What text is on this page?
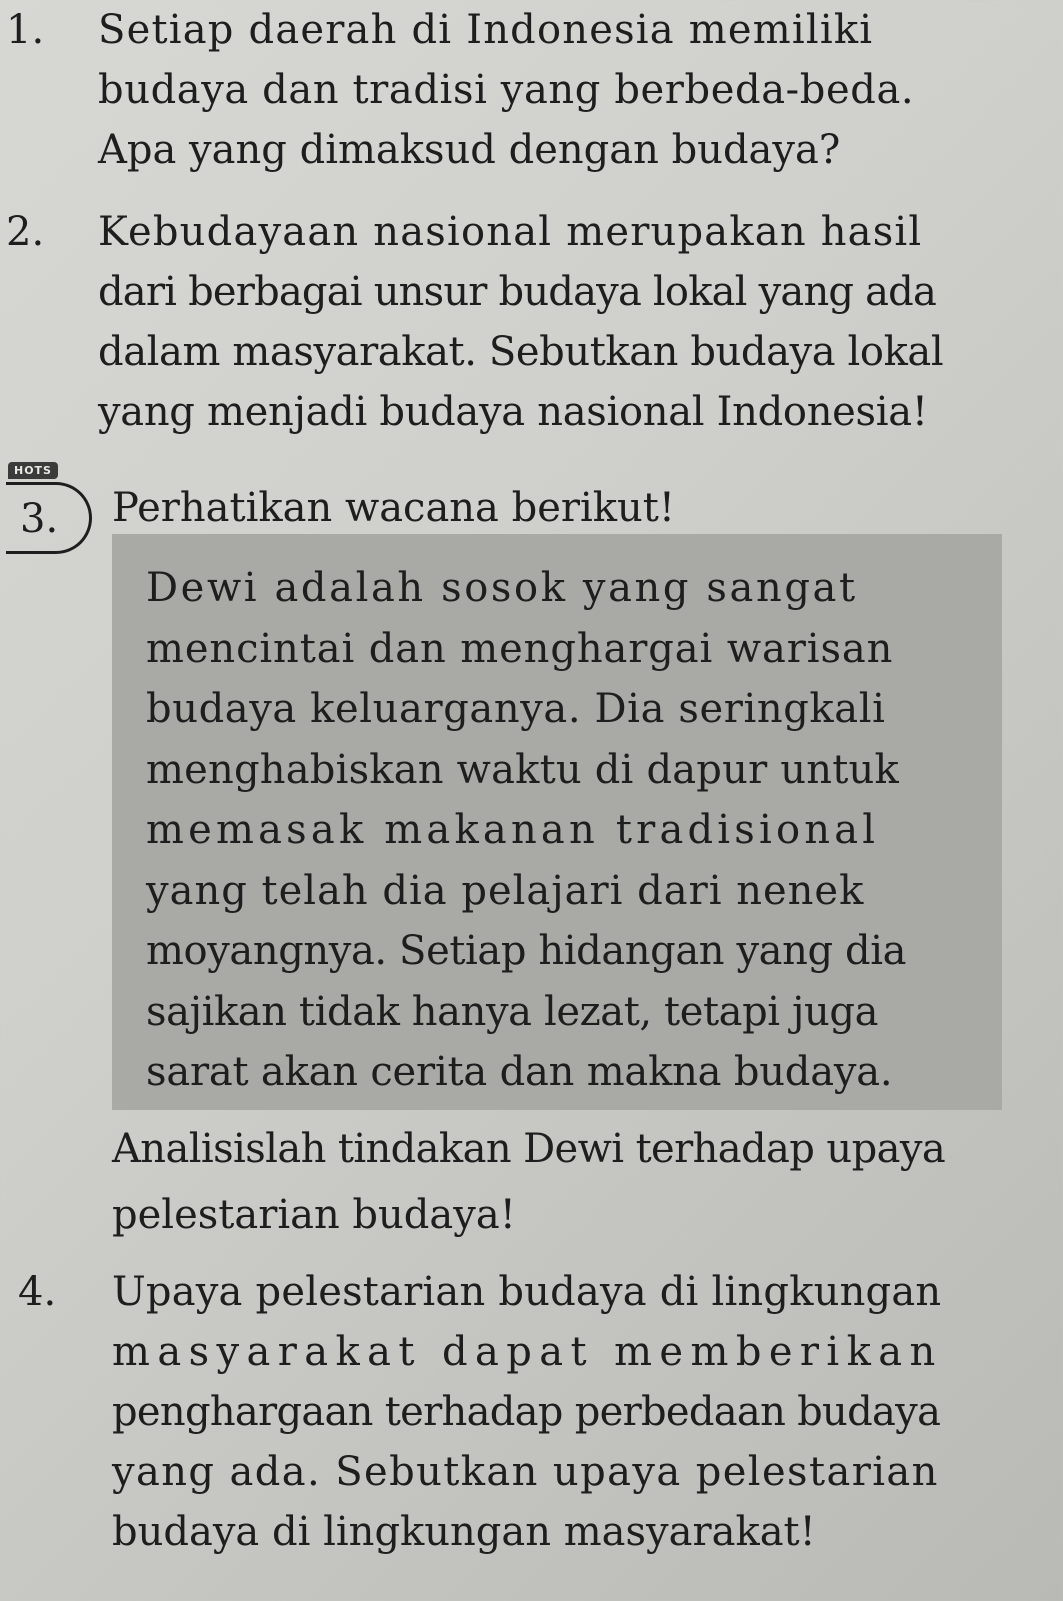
1. Setiap daerah di Indonesia memiliki
budaya dan tradisi yang berbeda-beda.
Apa yang dimaksud dengan budaya?
2. Kebudayaan nasional merupakan hasil
dari berbagai unsur budaya lokal yang ada
dalam masyarakat. Sebutkan budaya lokal
yang menjadi budaya nasional Indonesia!
HOTS
3. Perhatikan wacana berikut!
Dewi adalah sosok yang sangat
mencintai dan menghargai warisan
budaya keluarganya. Dia seringkali
menghabiskan waktu di dapur untuk
memasak makanan tradisional
yang telah dia pelajari dari nenek
moyangnya. Setiap hidangan yang dia
sajikan tidak hanya lezat, tetapi juga
sarat akan cerita dan makna budaya.
Analisislah tindakan Dewi terhadap upaya
pelestarian budaya!
4. Upaya pelestarian budaya di lingkungan
masyarakat dapat memberikan
penghargaan terhadap perbedaan budaya
yang ada. Sebutkan upaya pelestarian
budaya di lingkungan masyarakat!
